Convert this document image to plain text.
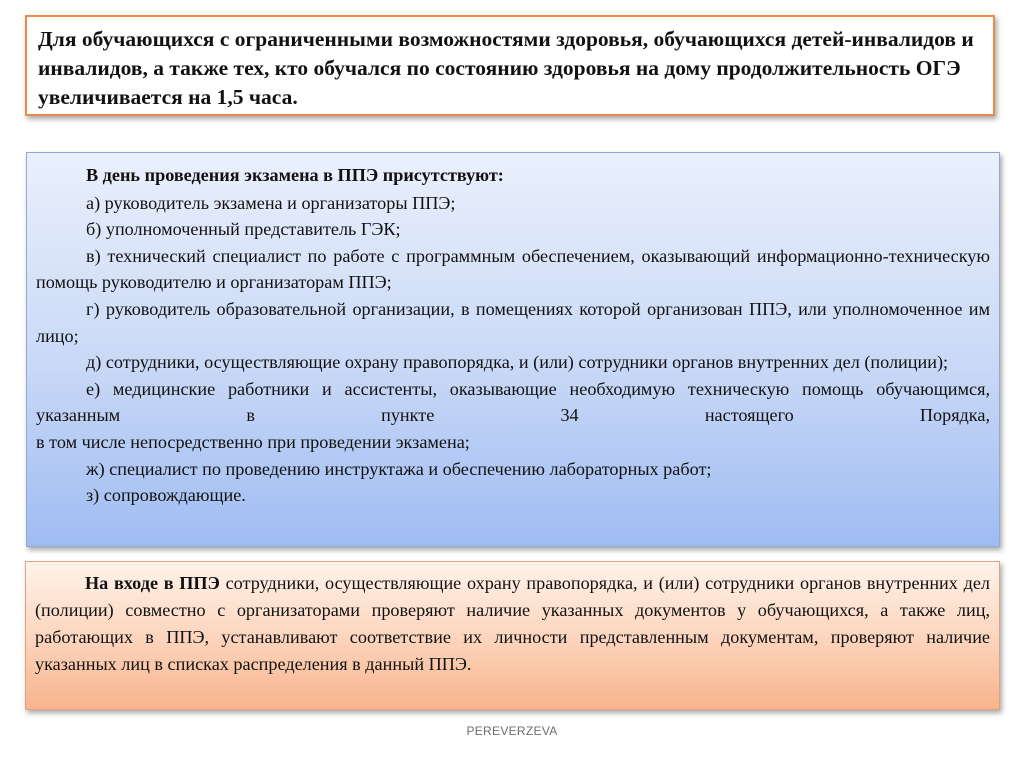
Для обучающихся с ограниченными возможностями здоровья, обучающихся детей-инвалидов и инвалидов, а также тех, кто обучался по состоянию здоровья на дому продолжительность ОГЭ увеличивается на 1,5 часа.

В день проведения экзамена в ППЭ присутствуют:

а) руководитель экзамена и организаторы ППЭ;

б) уполномоченный представитель ГЭК;

в) технический специалист по работе с программным обеспечением, оказывающий информационно-техническую помощь руководителю и организаторам ППЭ;

г) руководитель образовательной организации, в помещениях которой организован ППЭ, или уполномоченное им лицо;

д) сотрудники, осуществляющие охрану правопорядка, и (или) сотрудники органов внутренних дел (полиции);

е) медицинские работники и ассистенты, оказывающие необходимую техническую помощь обучающимся, указанным в пункте 34 настоящего Порядка,

в том числе непосредственно при проведении экзамена;

ж) специалист по проведению инструктажа и обеспечению лабораторных работ;

з) сопровождающие.

На входе в ППЭ сотрудники, осуществляющие охрану правопорядка, и (или) сотрудники органов внутренних дел (полиции) совместно с организаторами проверяют наличие указанных документов у обучающихся, а также лиц, работающих в ППЭ, устанавливают соответствие их личности представленным документам, проверяют наличие указанных лиц в списках распределения в данный ППЭ.

PEREVERZEVA
